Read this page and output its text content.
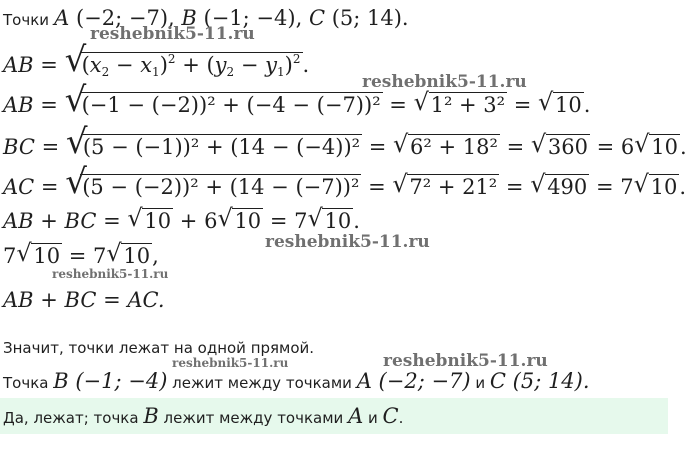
Точки A (−2; −7), B (−1; −4), C (5; 14).
AB = √ $(x_2 - x_1)^2 + (y_2 - y_1)^2$.
AB = √ (−1 − (−2))² + (−4 − (−7))² = √ 1² + 3² = √ 10.
BC = √ (5 − (−1))² + (14 − (−4))² = √ 6² + 18² = √ 360 = 6 √ 10.
AC = √ (5 − (−2))² + (14 − (−7))² = √ 7² + 21² = √ 490 = 7 √ 10.
AB + BC = √ 10 + 6 √ 10 = 7 √ 10.
7 √ 10 = 7 √ 10,
AB + BC = AC.
Значит, точки лежат на одной прямой.
Точка B (−1; −4) лежит между точками A (−2; −7) и C (5; 14).
Да, лежат; точка B лежит между точками A и C.
reshebnik5-11.ru
reshebnik5-11.ru
reshebnik5-11.ru
reshebnik5-11.ru
reshebnik5-11.ru	reshebnik5-11.ru
